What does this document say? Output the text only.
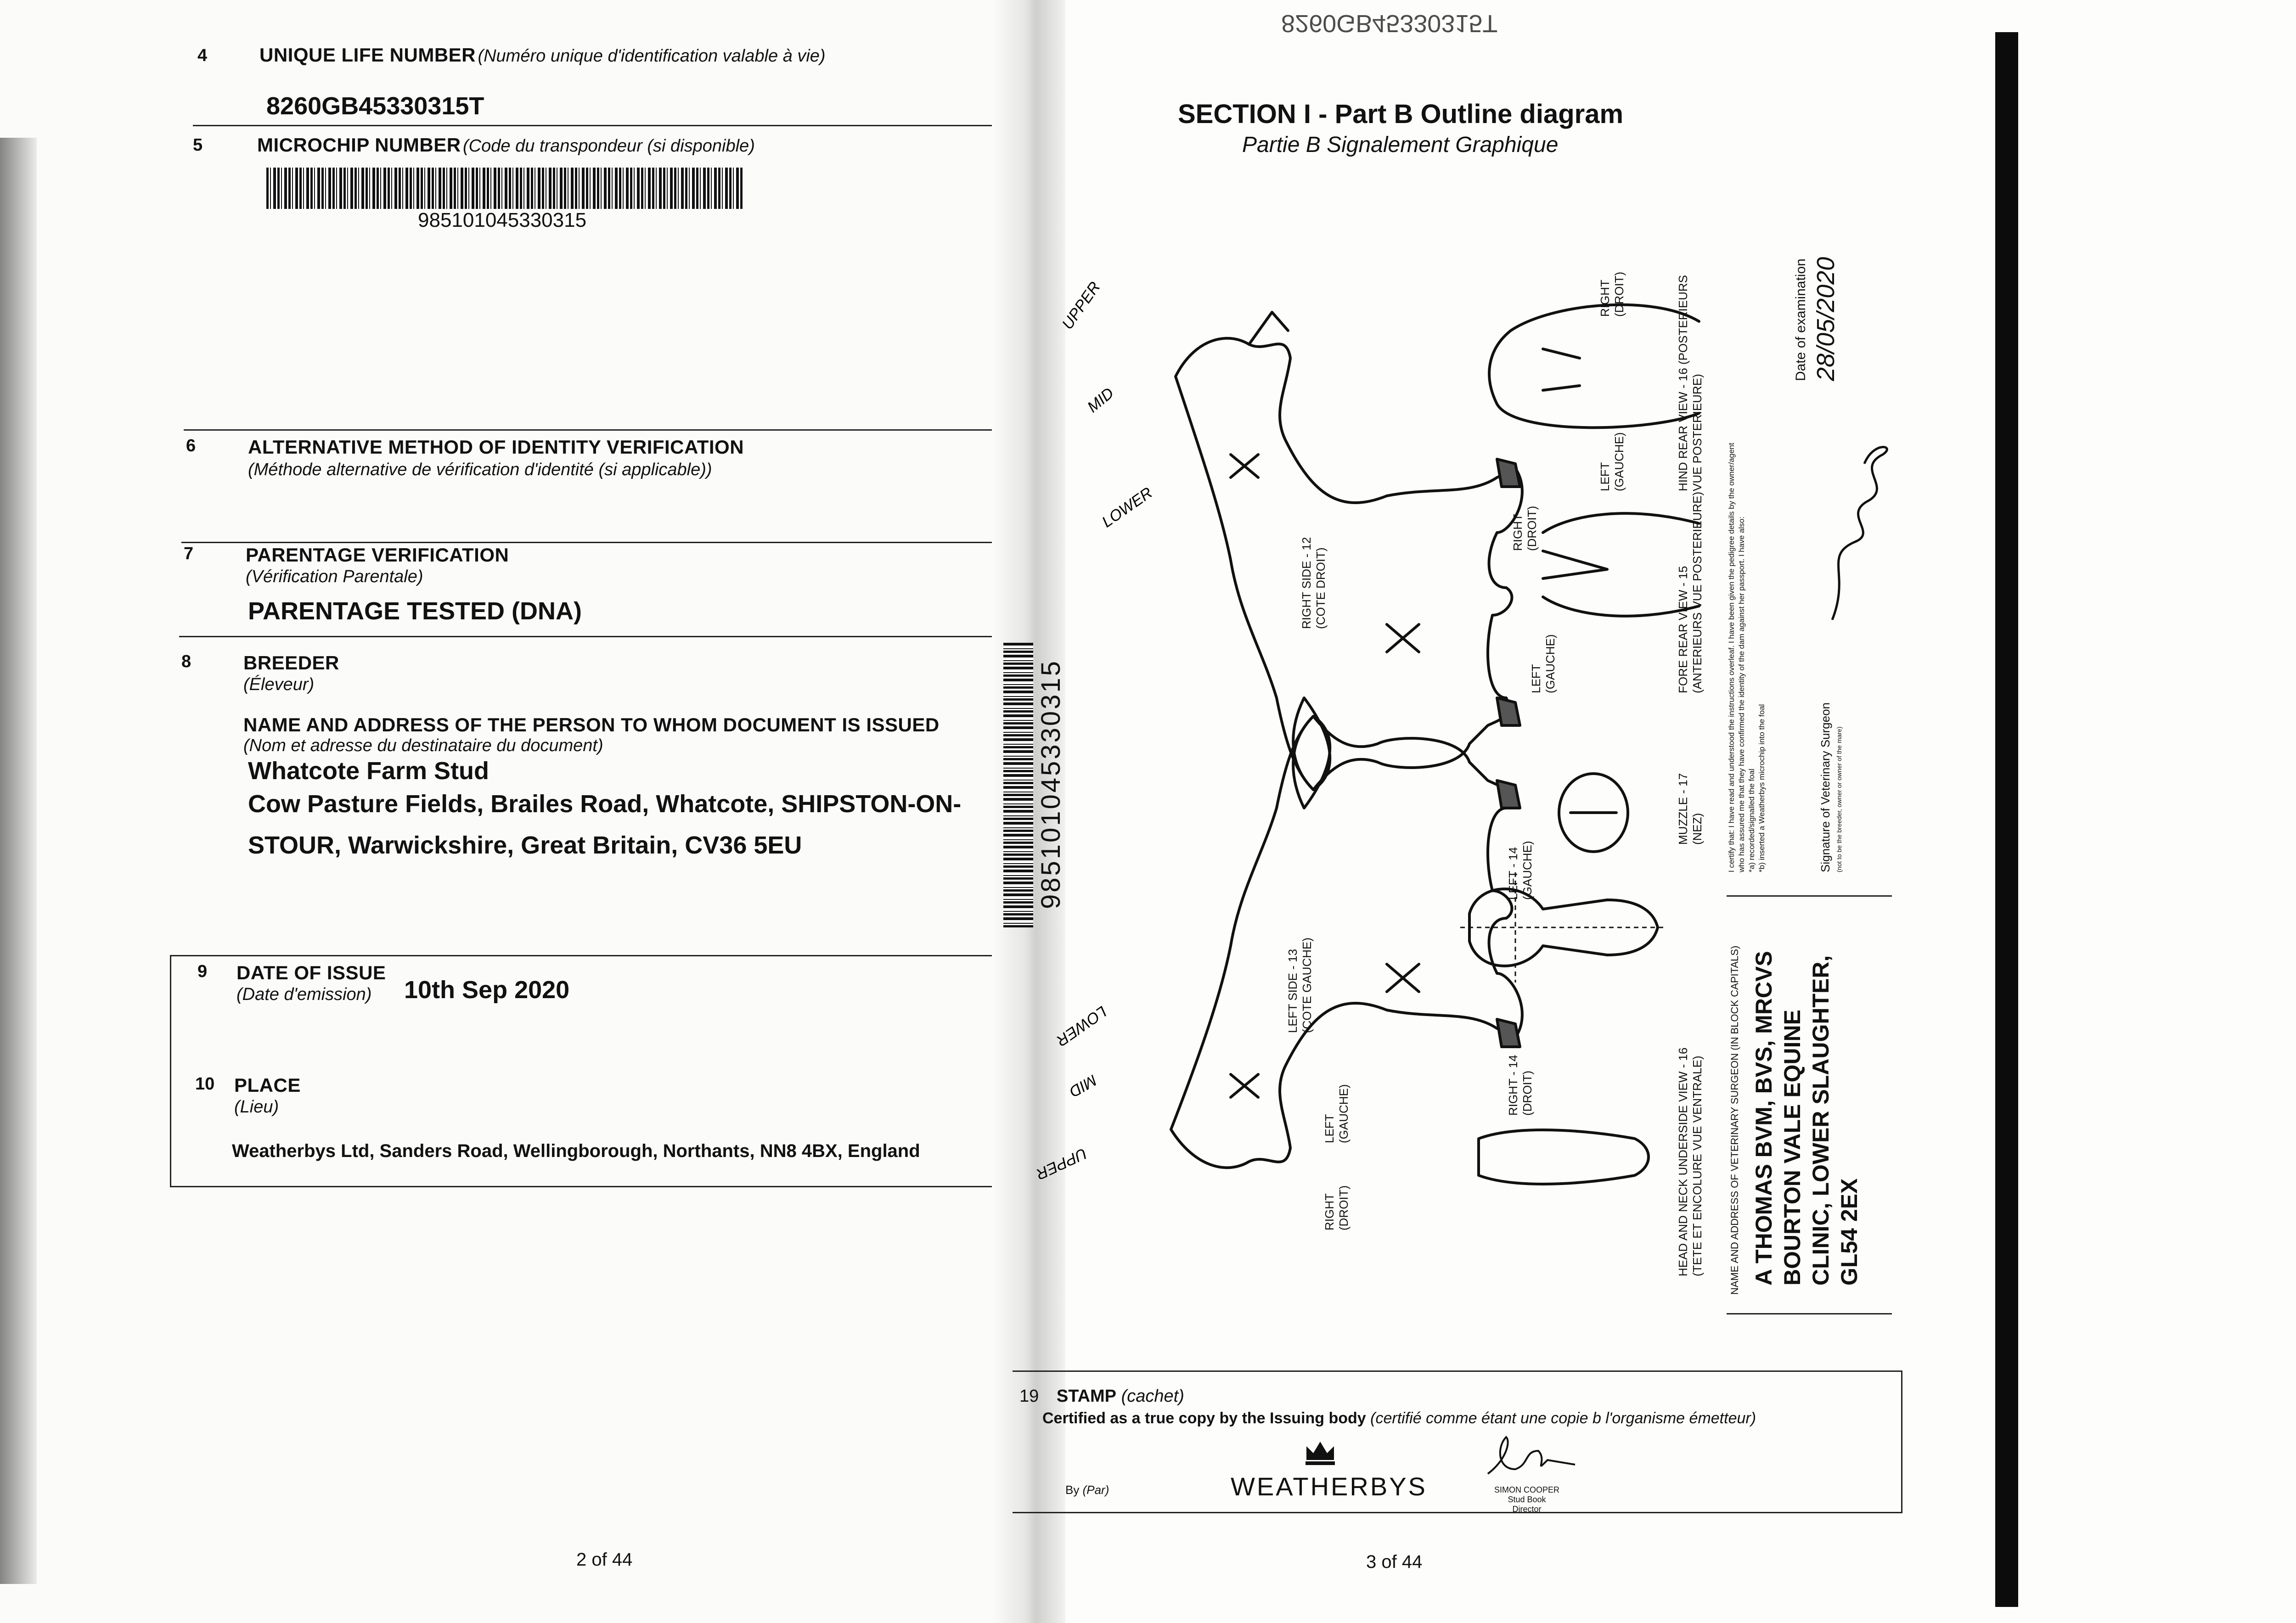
4	UNIQUE LIFE NUMBER (Numéro unique d'identification valable à vie)
8260GB45330315T
5	MICROCHIP NUMBER (Code du transpondeur (si disponible)
985101045330315
6	ALTERNATIVE METHOD OF IDENTITY VERIFICATION
(Méthode alternative de vérification d'identité (si applicable))
7	PARENTAGE VERIFICATION
(Vérification Parentale)
PARENTAGE TESTED (DNA)
8	BREEDER
(Éleveur)
NAME AND ADDRESS OF THE PERSON TO WHOM DOCUMENT IS ISSUED
(Nom et adresse du destinataire du document)
Whatcote Farm Stud
Cow Pasture Fields, Brailes Road, Whatcote, SHIPSTON-ON-
STOUR, Warwickshire, Great Britain, CV36 5EU
9 DATE OF ISSUE
(Date d'emission) 10th Sep 2020
10 PLACE
(Lieu)
Weatherbys Ltd, Sanders Road, Wellingborough, Northants, NN8 4BX, England
2 of 44
985101045330315
8260GB45330315T
SECTION I - Part B Outline diagram
Partie B Signalement Graphique
UPPER
MID
LOWER
LOWER
MID
UPPER
RIGHT SIDE - 12
(COTE DROIT)
LEFT SIDE - 13
(COTE GAUCHE)
RIGHT
(DROIT)
LEFT
(GAUCHE)
RIGHT
(DROIT)
LEFT
(GAUCHE)
LEFT - 14
(GAUCHE)
RIGHT - 14
(DROIT)
LEFT
(GAUCHE)
RIGHT
(DROIT)
FORE REAR VIEW - 15
(ANTERIEURS VUE POSTERIEURE)
HIND REAR VIEW - 16 (POSTERIEURS
VUE POSTERIEURE)
MUZZLE - 17
(NEZ)
HEAD AND NECK UNDERSIDE VIEW - 16
(TETE ET ENCOLURE VUE VENTRALE) NAME AND ADDRESS OF VETERINARY SURGEON (IN BLOCK CAPITALS) A THOMAS BVM, BVS, MRCVS BOURTON VALE EQUINE CLINIC, LOWER SLAUGHTER, GL54 2EX
I certify that: I have read and understood the instructions overleaf. I have been given the pedigree details by the owner/agent who has assured me that they have confirmed the identity of the dam against her passport. I have also: *a) recorded/signalled the foal *b) inserted a Weatherbys microchip into the foal	Signature of Veterinary Surgeon (not to be the breeder, owner or owner of the mare)
Date of examination 28/05/2020
19 STAMP (cachet)
Certified as a true copy by the Issuing body (certifié comme étant une copie b l'organisme émetteur)
By (Par)	WEATHERBYS	SIMON COOPER
Stud Book Director
3 of 44
